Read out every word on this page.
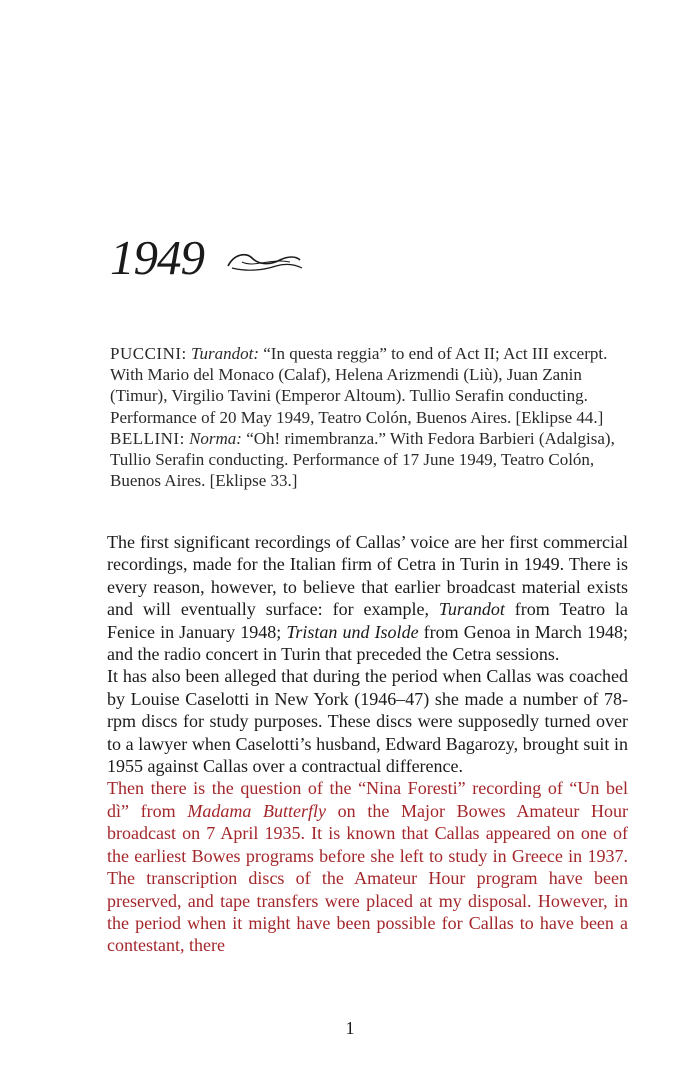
1949

PUCCINI: Turandot: “In questa reggia” to end of Act II; Act III excerpt. With Mario del Monaco (Calaf), Helena Arizmendi (Liù), Juan Zanin (Timur), Virgilio Tavini (Emperor Altoum). Tullio Serafin conducting. Performance of 20 May 1949, Teatro Colón, Buenos Aires. [Eklipse 44.]

BELLINI: Norma: “Oh! rimembranza.” With Fedora Barbieri (Adalgisa), Tullio Serafin conducting. Performance of 17 June 1949, Teatro Colón, Buenos Aires. [Eklipse 33.]

The first significant recordings of Callas’ voice are her first commercial recordings, made for the Italian firm of Cetra in Turin in 1949. There is every reason, however, to believe that earlier broadcast material exists and will eventually surface: for example, Turandot from Teatro la Fenice in January 1948; Tristan und Isolde from Genoa in March 1948; and the radio concert in Turin that preceded the Cetra sessions.

It has also been alleged that during the period when Callas was coached by Louise Caselotti in New York (1946–47) she made a number of 78-rpm discs for study purposes. These discs were supposedly turned over to a lawyer when Caselotti’s husband, Edward Bagarozy, brought suit in 1955 against Callas over a contractual difference.

Then there is the question of the “Nina Foresti” recording of “Un bel dì” from Madama Butterfly on the Major Bowes Amateur Hour broadcast on 7 April 1935. It is known that Callas appeared on one of the earliest Bowes programs before she left to study in Greece in 1937. The transcription discs of the Amateur Hour program have been preserved, and tape transfers were placed at my disposal. However, in the period when it might have been possible for Callas to have been a contestant, there

1
